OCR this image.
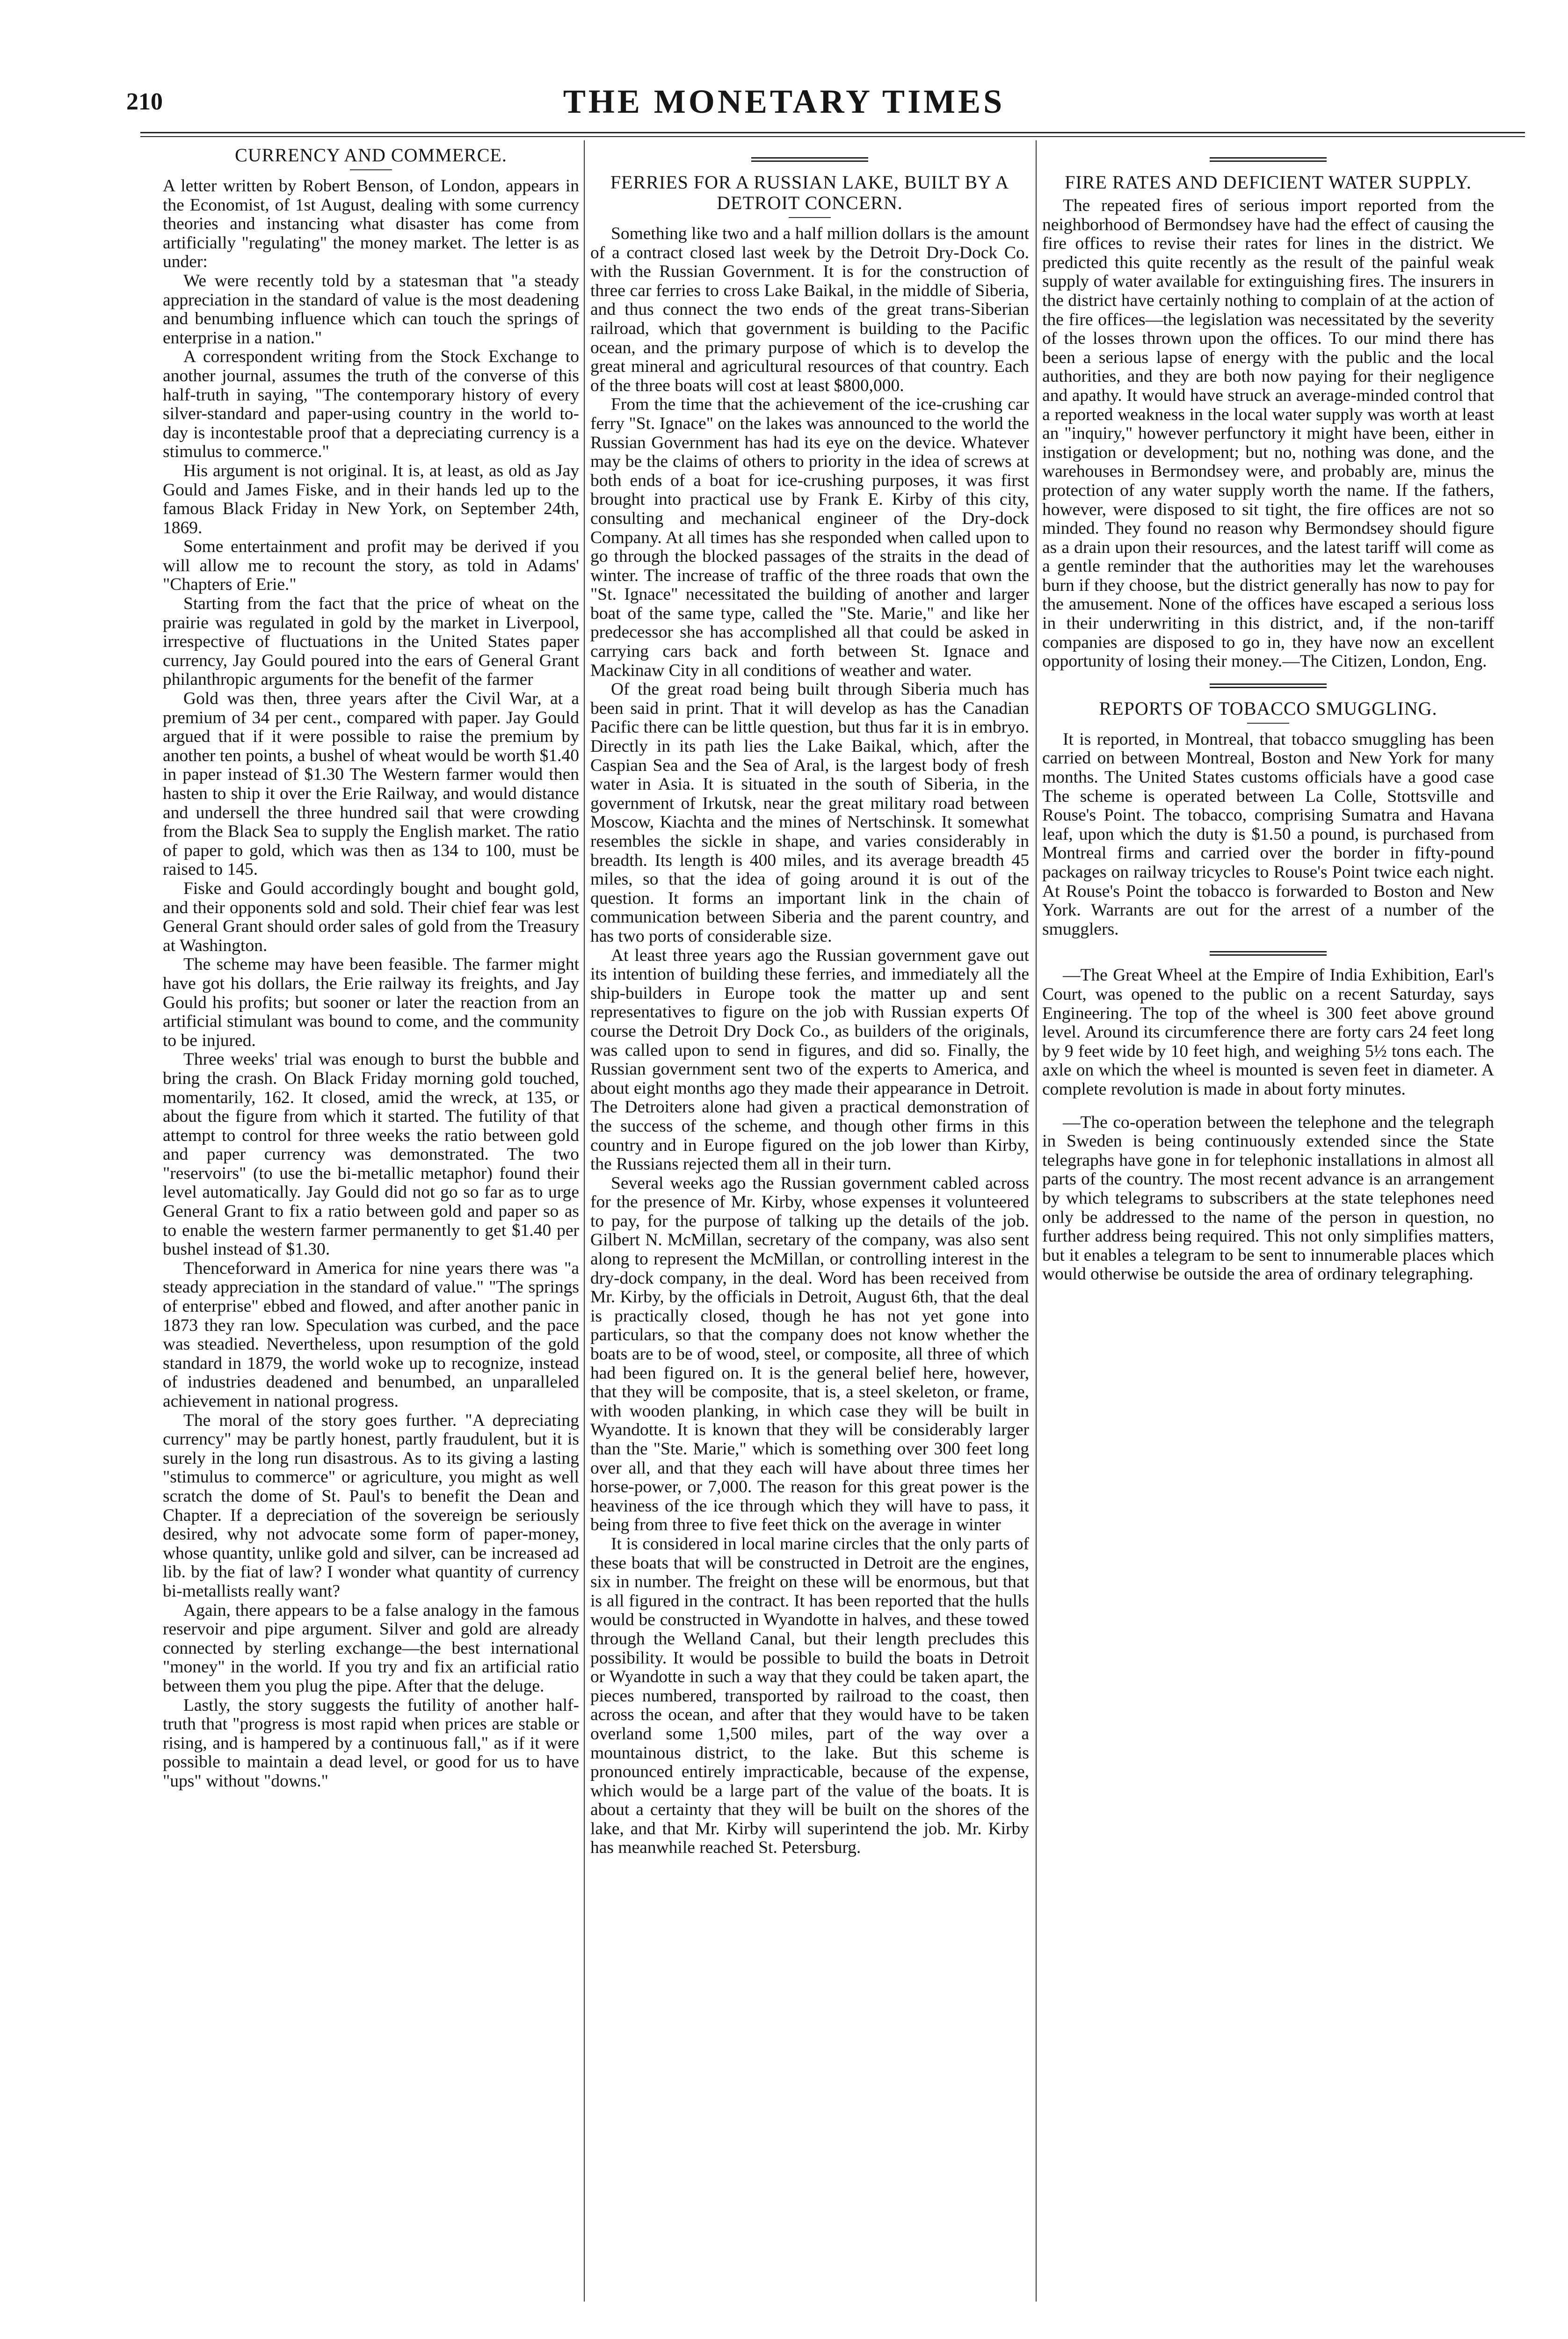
210	THE MONETARY TIMES
CURRENCY AND COMMERCE.

A letter written by Robert Benson, of London, appears in the Economist, of 1st August, dealing with some currency theories and instancing what disaster has come from artificially "regulating" the money market. The letter is as under:

We were recently told by a statesman that "a steady appreciation in the standard of value is the most deadening and benumbing influence which can touch the springs of enterprise in a nation."

A correspondent writing from the Stock Exchange to another journal, assumes the truth of the converse of this half-truth in saying, "The contemporary history of every silver-standard and paper-using country in the world to-day is incontestable proof that a depreciating currency is a stimulus to commerce."

His argument is not original. It is, at least, as old as Jay Gould and James Fiske, and in their hands led up to the famous Black Friday in New York, on September 24th, 1869.

Some entertainment and profit may be derived if you will allow me to recount the story, as told in Adams' "Chapters of Erie."

Starting from the fact that the price of wheat on the prairie was regulated in gold by the market in Liverpool, irrespective of fluctuations in the United States paper currency, Jay Gould poured into the ears of General Grant philanthropic arguments for the benefit of the farmer

Gold was then, three years after the Civil War, at a premium of 34 per cent., compared with paper. Jay Gould argued that if it were possible to raise the premium by another ten points, a bushel of wheat would be worth $1.40 in paper instead of $1.30 The Western farmer would then hasten to ship it over the Erie Railway, and would distance and undersell the three hundred sail that were crowding from the Black Sea to supply the English market. The ratio of paper to gold, which was then as 134 to 100, must be raised to 145.

Fiske and Gould accordingly bought and bought gold, and their opponents sold and sold. Their chief fear was lest General Grant should order sales of gold from the Treasury at Washington.

The scheme may have been feasible. The farmer might have got his dollars, the Erie railway its freights, and Jay Gould his profits; but sooner or later the reaction from an artificial stimulant was bound to come, and the community to be injured.

Three weeks' trial was enough to burst the bubble and bring the crash. On Black Friday morning gold touched, momentarily, 162. It closed, amid the wreck, at 135, or about the figure from which it started. The futility of that attempt to control for three weeks the ratio between gold and paper currency was demonstrated. The two "reservoirs" (to use the bi-metallic metaphor) found their level automatically. Jay Gould did not go so far as to urge General Grant to fix a ratio between gold and paper so as to enable the western farmer permanently to get $1.40 per bushel instead of $1.30.

Thenceforward in America for nine years there was "a steady appreciation in the standard of value." "The springs of enterprise" ebbed and flowed, and after another panic in 1873 they ran low. Speculation was curbed, and the pace was steadied. Nevertheless, upon resumption of the gold standard in 1879, the world woke up to recognize, instead of industries deadened and benumbed, an unparalleled achievement in national progress.

The moral of the story goes further. "A depreciating currency" may be partly honest, partly fraudulent, but it is surely in the long run disastrous. As to its giving a lasting "stimulus to commerce" or agriculture, you might as well scratch the dome of St. Paul's to benefit the Dean and Chapter. If a depreciation of the sovereign be seriously desired, why not advocate some form of paper-money, whose quantity, unlike gold and silver, can be increased ad lib. by the fiat of law? I wonder what quantity of currency bi-metallists really want?

Again, there appears to be a false analogy in the famous reservoir and pipe argument. Silver and gold are already connected by sterling exchange—the best international "money" in the world. If you try and fix an artificial ratio between them you plug the pipe. After that the deluge.

Lastly, the story suggests the futility of another half-truth that "progress is most rapid when prices are stable or rising, and is hampered by a continuous fall," as if it were possible to maintain a dead level, or good for us to have "ups" without "downs."

FERRIES FOR A RUSSIAN LAKE, BUILT BY A DETROIT CONCERN.

Something like two and a half million dollars is the amount of a contract closed last week by the Detroit Dry-Dock Co. with the Russian Government. It is for the construction of three car ferries to cross Lake Baikal, in the middle of Siberia, and thus connect the two ends of the great trans-Siberian railroad, which that government is building to the Pacific ocean, and the primary purpose of which is to develop the great mineral and agricultural resources of that country. Each of the three boats will cost at least $800,000.

From the time that the achievement of the ice-crushing car ferry "St. Ignace" on the lakes was announced to the world the Russian Government has had its eye on the device. Whatever may be the claims of others to priority in the idea of screws at both ends of a boat for ice-crushing purposes, it was first brought into practical use by Frank E. Kirby of this city, consulting and mechanical engineer of the Dry-dock Company. At all times has she responded when called upon to go through the blocked passages of the straits in the dead of winter. The increase of traffic of the three roads that own the "St. Ignace" necessitated the building of another and larger boat of the same type, called the "Ste. Marie," and like her predecessor she has accomplished all that could be asked in carrying cars back and forth between St. Ignace and Mackinaw City in all conditions of weather and water.

Of the great road being built through Siberia much has been said in print. That it will develop as has the Canadian Pacific there can be little question, but thus far it is in embryo. Directly in its path lies the Lake Baikal, which, after the Caspian Sea and the Sea of Aral, is the largest body of fresh water in Asia. It is situated in the south of Siberia, in the government of Irkutsk, near the great military road between Moscow, Kiachta and the mines of Nertschinsk. It somewhat resembles the sickle in shape, and varies considerably in breadth. Its length is 400 miles, and its average breadth 45 miles, so that the idea of going around it is out of the question. It forms an important link in the chain of communication between Siberia and the parent country, and has two ports of considerable size.

At least three years ago the Russian government gave out its intention of building these ferries, and immediately all the ship-builders in Europe took the matter up and sent representatives to figure on the job with Russian experts Of course the Detroit Dry Dock Co., as builders of the originals, was called upon to send in figures, and did so. Finally, the Russian government sent two of the experts to America, and about eight months ago they made their appearance in Detroit. The Detroiters alone had given a practical demonstration of the success of the scheme, and though other firms in this country and in Europe figured on the job lower than Kirby, the Russians rejected them all in their turn.

Several weeks ago the Russian government cabled across for the presence of Mr. Kirby, whose expenses it volunteered to pay, for the purpose of talking up the details of the job. Gilbert N. McMillan, secretary of the company, was also sent along to represent the McMillan, or controlling interest in the dry-dock company, in the deal. Word has been received from Mr. Kirby, by the officials in Detroit, August 6th, that the deal is practically closed, though he has not yet gone into particulars, so that the company does not know whether the boats are to be of wood, steel, or composite, all three of which had been figured on. It is the general belief here, however, that they will be composite, that is, a steel skeleton, or frame, with wooden planking, in which case they will be built in Wyandotte. It is known that they will be considerably larger than the "Ste. Marie," which is something over 300 feet long over all, and that they each will have about three times her horse-power, or 7,000. The reason for this great power is the heaviness of the ice through which they will have to pass, it being from three to five feet thick on the average in winter

It is considered in local marine circles that the only parts of these boats that will be constructed in Detroit are the engines, six in number. The freight on these will be enormous, but that is all figured in the contract. It has been reported that the hulls would be constructed in Wyandotte in halves, and these towed through the Welland Canal, but their length precludes this possibility. It would be possible to build the boats in Detroit or Wyandotte in such a way that they could be taken apart, the pieces numbered, transported by railroad to the coast, then across the ocean, and after that they would have to be taken overland some 1,500 miles, part of the way over a mountainous district, to the lake. But this scheme is pronounced entirely impracticable, because of the expense, which would be a large part of the value of the boats. It is about a certainty that they will be built on the shores of the lake, and that Mr. Kirby will superintend the job. Mr. Kirby has meanwhile reached St. Petersburg.

FIRE RATES AND DEFICIENT WATER SUPPLY.

The repeated fires of serious import reported from the neighborhood of Bermondsey have had the effect of causing the fire offices to revise their rates for lines in the district. We predicted this quite recently as the result of the painful weak supply of water available for extinguishing fires. The insurers in the district have certainly nothing to complain of at the action of the fire offices—the legislation was necessitated by the severity of the losses thrown upon the offices. To our mind there has been a serious lapse of energy with the public and the local authorities, and they are both now paying for their negligence and apathy. It would have struck an average-minded control that a reported weakness in the local water supply was worth at least an "inquiry," however perfunctory it might have been, either in instigation or development; but no, nothing was done, and the warehouses in Bermondsey were, and probably are, minus the protection of any water supply worth the name. If the fathers, however, were disposed to sit tight, the fire offices are not so minded. They found no reason why Bermondsey should figure as a drain upon their resources, and the latest tariff will come as a gentle reminder that the authorities may let the warehouses burn if they choose, but the district generally has now to pay for the amusement. None of the offices have escaped a serious loss in their underwriting in this district, and, if the non-tariff companies are disposed to go in, they have now an excellent opportunity of losing their money.—The Citizen, London, Eng.

REPORTS OF TOBACCO SMUGGLING.

It is reported, in Montreal, that tobacco smuggling has been carried on between Montreal, Boston and New York for many months. The United States customs officials have a good case The scheme is operated between La Colle, Stottsville and Rouse's Point. The tobacco, comprising Sumatra and Havana leaf, upon which the duty is $1.50 a pound, is purchased from Montreal firms and carried over the border in fifty-pound packages on railway tricycles to Rouse's Point twice each night. At Rouse's Point the tobacco is forwarded to Boston and New York. Warrants are out for the arrest of a number of the smugglers.

—The Great Wheel at the Empire of India Exhibition, Earl's Court, was opened to the public on a recent Saturday, says Engineering. The top of the wheel is 300 feet above ground level. Around its circumference there are forty cars 24 feet long by 9 feet wide by 10 feet high, and weighing 5½ tons each. The axle on which the wheel is mounted is seven feet in diameter. A complete revolution is made in about forty minutes.

—The co-operation between the telephone and the telegraph in Sweden is being continuously extended since the State telegraphs have gone in for telephonic installations in almost all parts of the country. The most recent advance is an arrangement by which telegrams to subscribers at the state telephones need only be addressed to the name of the person in question, no further address being required. This not only simplifies matters, but it enables a telegram to be sent to innumerable places which would otherwise be outside the area of ordinary telegraphing.
